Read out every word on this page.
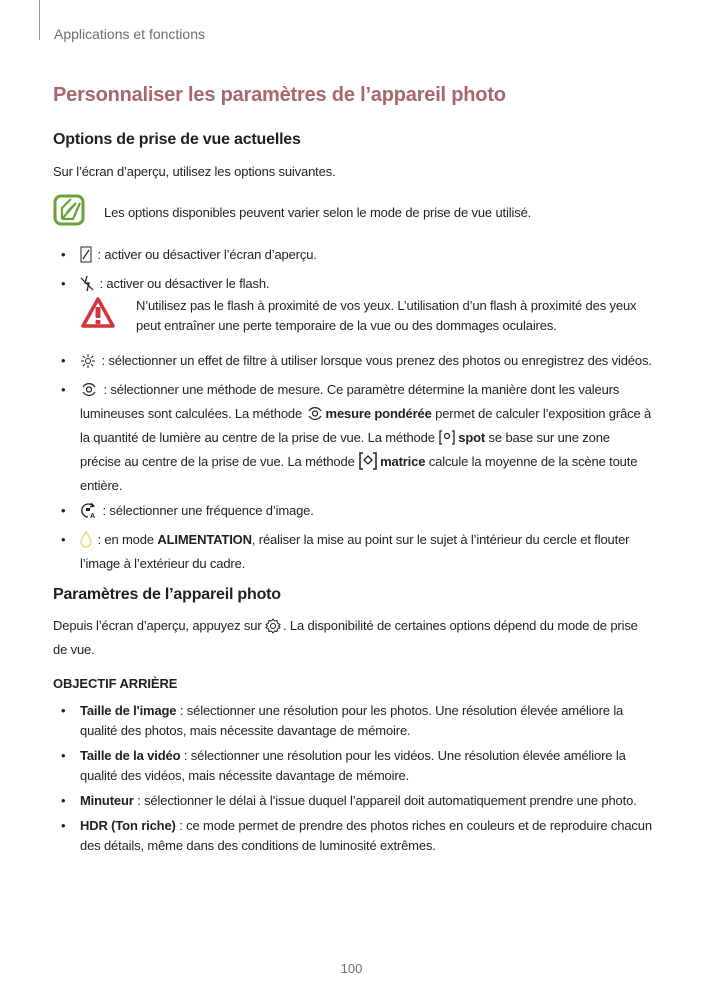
Applications et fonctions
Personnaliser les paramètres de l’appareil photo
Options de prise de vue actuelles
Sur l’écran d’aperçu, utilisez les options suivantes.
Les options disponibles peuvent varier selon le mode de prise de vue utilisé.
• : activer ou désactiver l’écran d’aperçu.
• : activer ou désactiver le flash.
N’utilisez pas le flash à proximité de vos yeux. L’utilisation d’un flash à proximité des yeux peut entraîner une perte temporaire de la vue ou des dommages oculaires.
•	: sélectionner un effet de filtre à utiliser lorsque vous prenez des photos ou enregistrez des vidéos.
•	: sélectionner une méthode de mesure. Ce paramètre détermine la manière dont les valeurs lumineuses sont calculées. La méthode mesure pondérée permet de calculer l’exposition grâce à la quantité de lumière au centre de la prise de vue. La méthode spot se base sur une zone précise au centre de la prise de vue. La méthode matrice calcule la moyenne de la scène toute entière.
•	A : sélectionner une fréquence d’image.
• : en mode ALIMENTATION, réaliser la mise au point sur le sujet à l’intérieur du cercle et flouter l’image à l’extérieur du cadre.
Paramètres de l’appareil photo
Depuis l’écran d’aperçu, appuyez sur . La disponibilité de certaines options dépend du mode de prise de vue.
OBJECTIF ARRIÈRE
• Taille de l'image : sélectionner une résolution pour les photos. Une résolution élevée améliore la qualité des photos, mais nécessite davantage de mémoire.
• Taille de la vidéo : sélectionner une résolution pour les vidéos. Une résolution élevée améliore la qualité des vidéos, mais nécessite davantage de mémoire.
• Minuteur : sélectionner le délai à l’issue duquel l’appareil doit automatiquement prendre une photo.
• HDR (Ton riche) : ce mode permet de prendre des photos riches en couleurs et de reproduire chacun des détails, même dans des conditions de luminosité extrêmes.
100
